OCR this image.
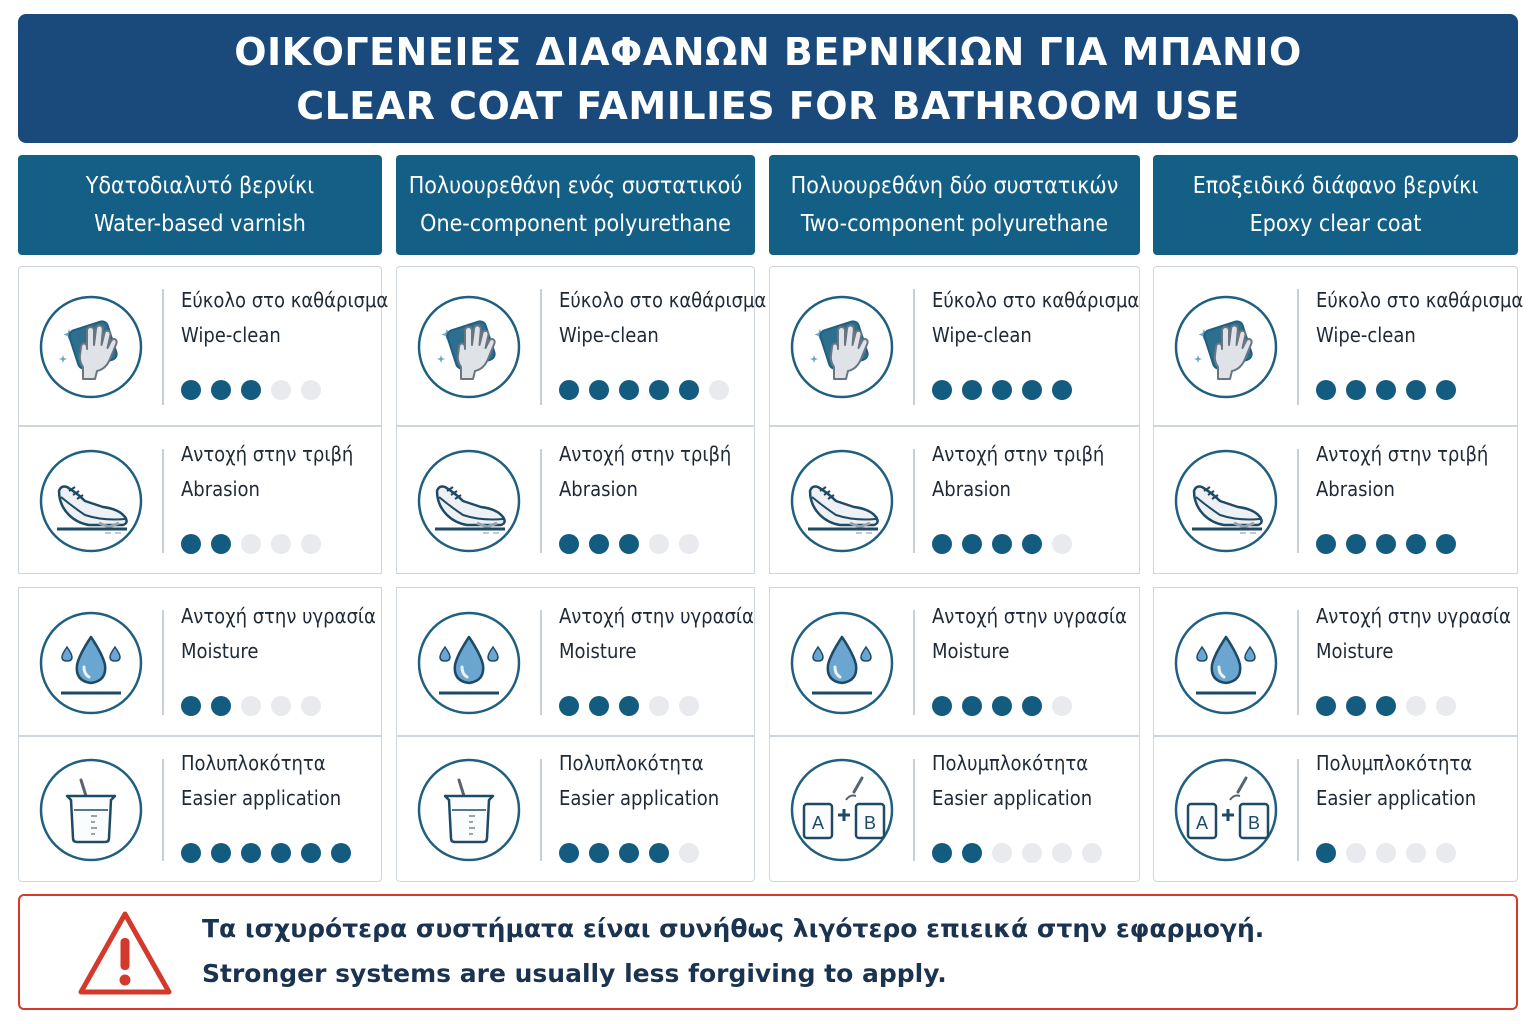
ΟΙΚΟΓΕΝΕΙΕΣ ΔΙΑΦΑΝΩΝ ΒΕΡΝΙΚΙΩΝ ΓΙΑ ΜΠΑΝΙΟ
CLEAR COAT FAMILIES FOR BATHROOM USE
Υδατοδιαλυτό βερνίκι
Water-based varnish
Εύκολο στο καθάρισμα
Wipe-clean
Αντοχή στην τριβή
Abrasion
Αντοχή στην υγρασία
Moisture
Πολυπλοκότητα
Easier application
Πολυουρεθάνη ενός συστατικού
One-component polyurethane
Εύκολο στο καθάρισμα
Wipe-clean
Αντοχή στην τριβή
Abrasion
Αντοχή στην υγρασία
Moisture
Πολυπλοκότητα
Easier application
Πολυουρεθάνη δύο συστατικών
Two-component polyurethane
Εύκολο στο καθάρισμα
Wipe-clean
Αντοχή στην τριβή
Abrasion
Αντοχή στην υγρασία
Moisture
A B
Πολυμπλοκότητα
Easier application
Εποξειδικό διάφανο βερνίκι
Epoxy clear coat
Εύκολο στο καθάρισμα
Wipe-clean
Αντοχή στην τριβή
Abrasion
Αντοχή στην υγρασία
Moisture
A B
Πολυμπλοκότητα
Easier application
Τα ισχυρότερα συστήματα είναι συνήθως λιγότερο επιεικά στην εφαρμογή.
Stronger systems are usually less forgiving to apply.
